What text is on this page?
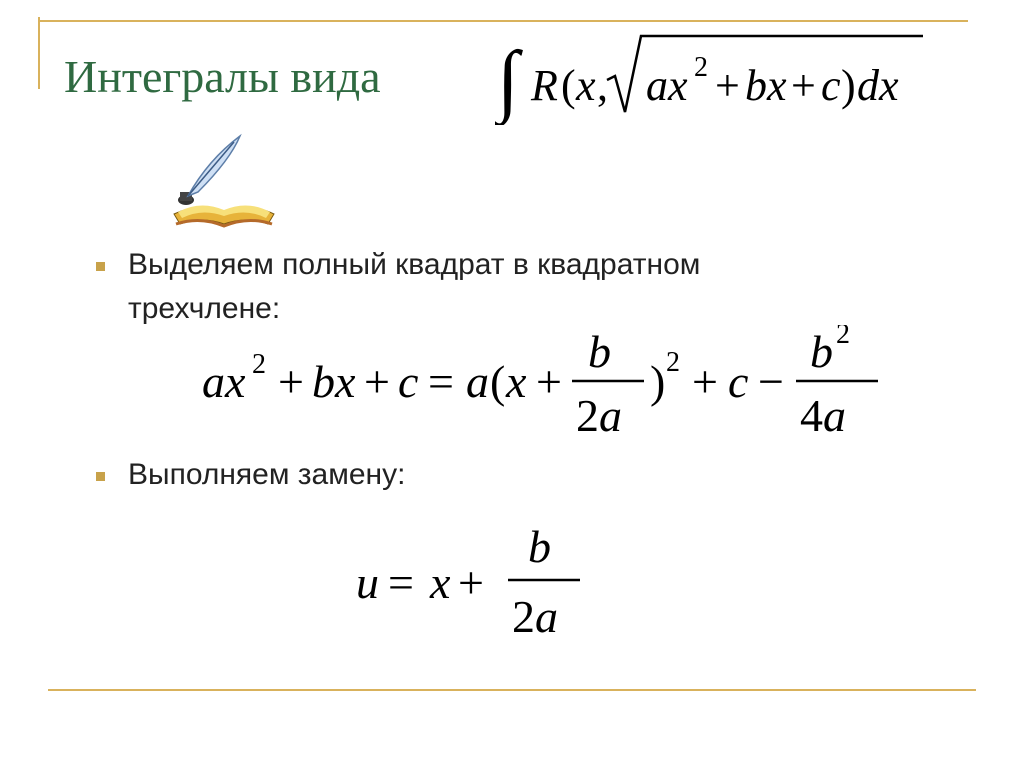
Интегралы вида ∫ R ( x , ax 2 + bx + c ) dx
Выделяем полный квадрат в квадратном
трехчлене:
ax 2 + bx + c = a ( x +
b
2a
) 2 + c −
b 2
4a
Выполняем замену:
u = x +
b
2a
